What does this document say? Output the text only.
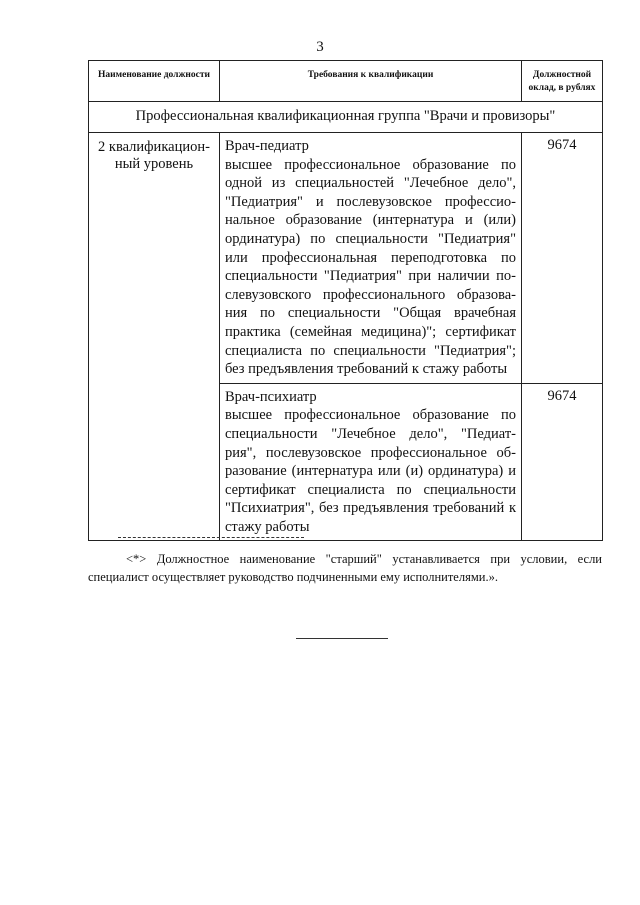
3
Наименование должности	Требования к квалификации	Должностной оклад, в рублях
Профессиональная квалификационная группа "Врачи и провизоры"		
2 квалификацион-ный уровень	Врач-педиатр
высшее профессиональное образование по одной из специальностей "Лечебное дело", "Педиатрия" и послевузовское профессио-нальное образование (интернатура и (или) ординатура) по специальности "Педиатрия" или профессиональная переподготовка по специальности "Педиатрия" при наличии по-слевузовского профессионального образова-ния по специальности "Общая врачебная практика (семейная медицина)"; сертификат специалиста по специальности "Педиатрия"; без предъявления требований к стажу работы	9674

	Врач-психиатр
высшее профессиональное образование по специальности "Лечебное дело", "Педиат-рия", послевузовское профессиональное об-разование (интернатура или (и) ординатура) и сертификат специалиста по специальности "Психиатрия", без предъявления требований к стажу работы	9674
<*> Должностное наименование "старший" устанавливается при условии, если специалист осуществляет руководство подчиненными ему исполнителями.».
